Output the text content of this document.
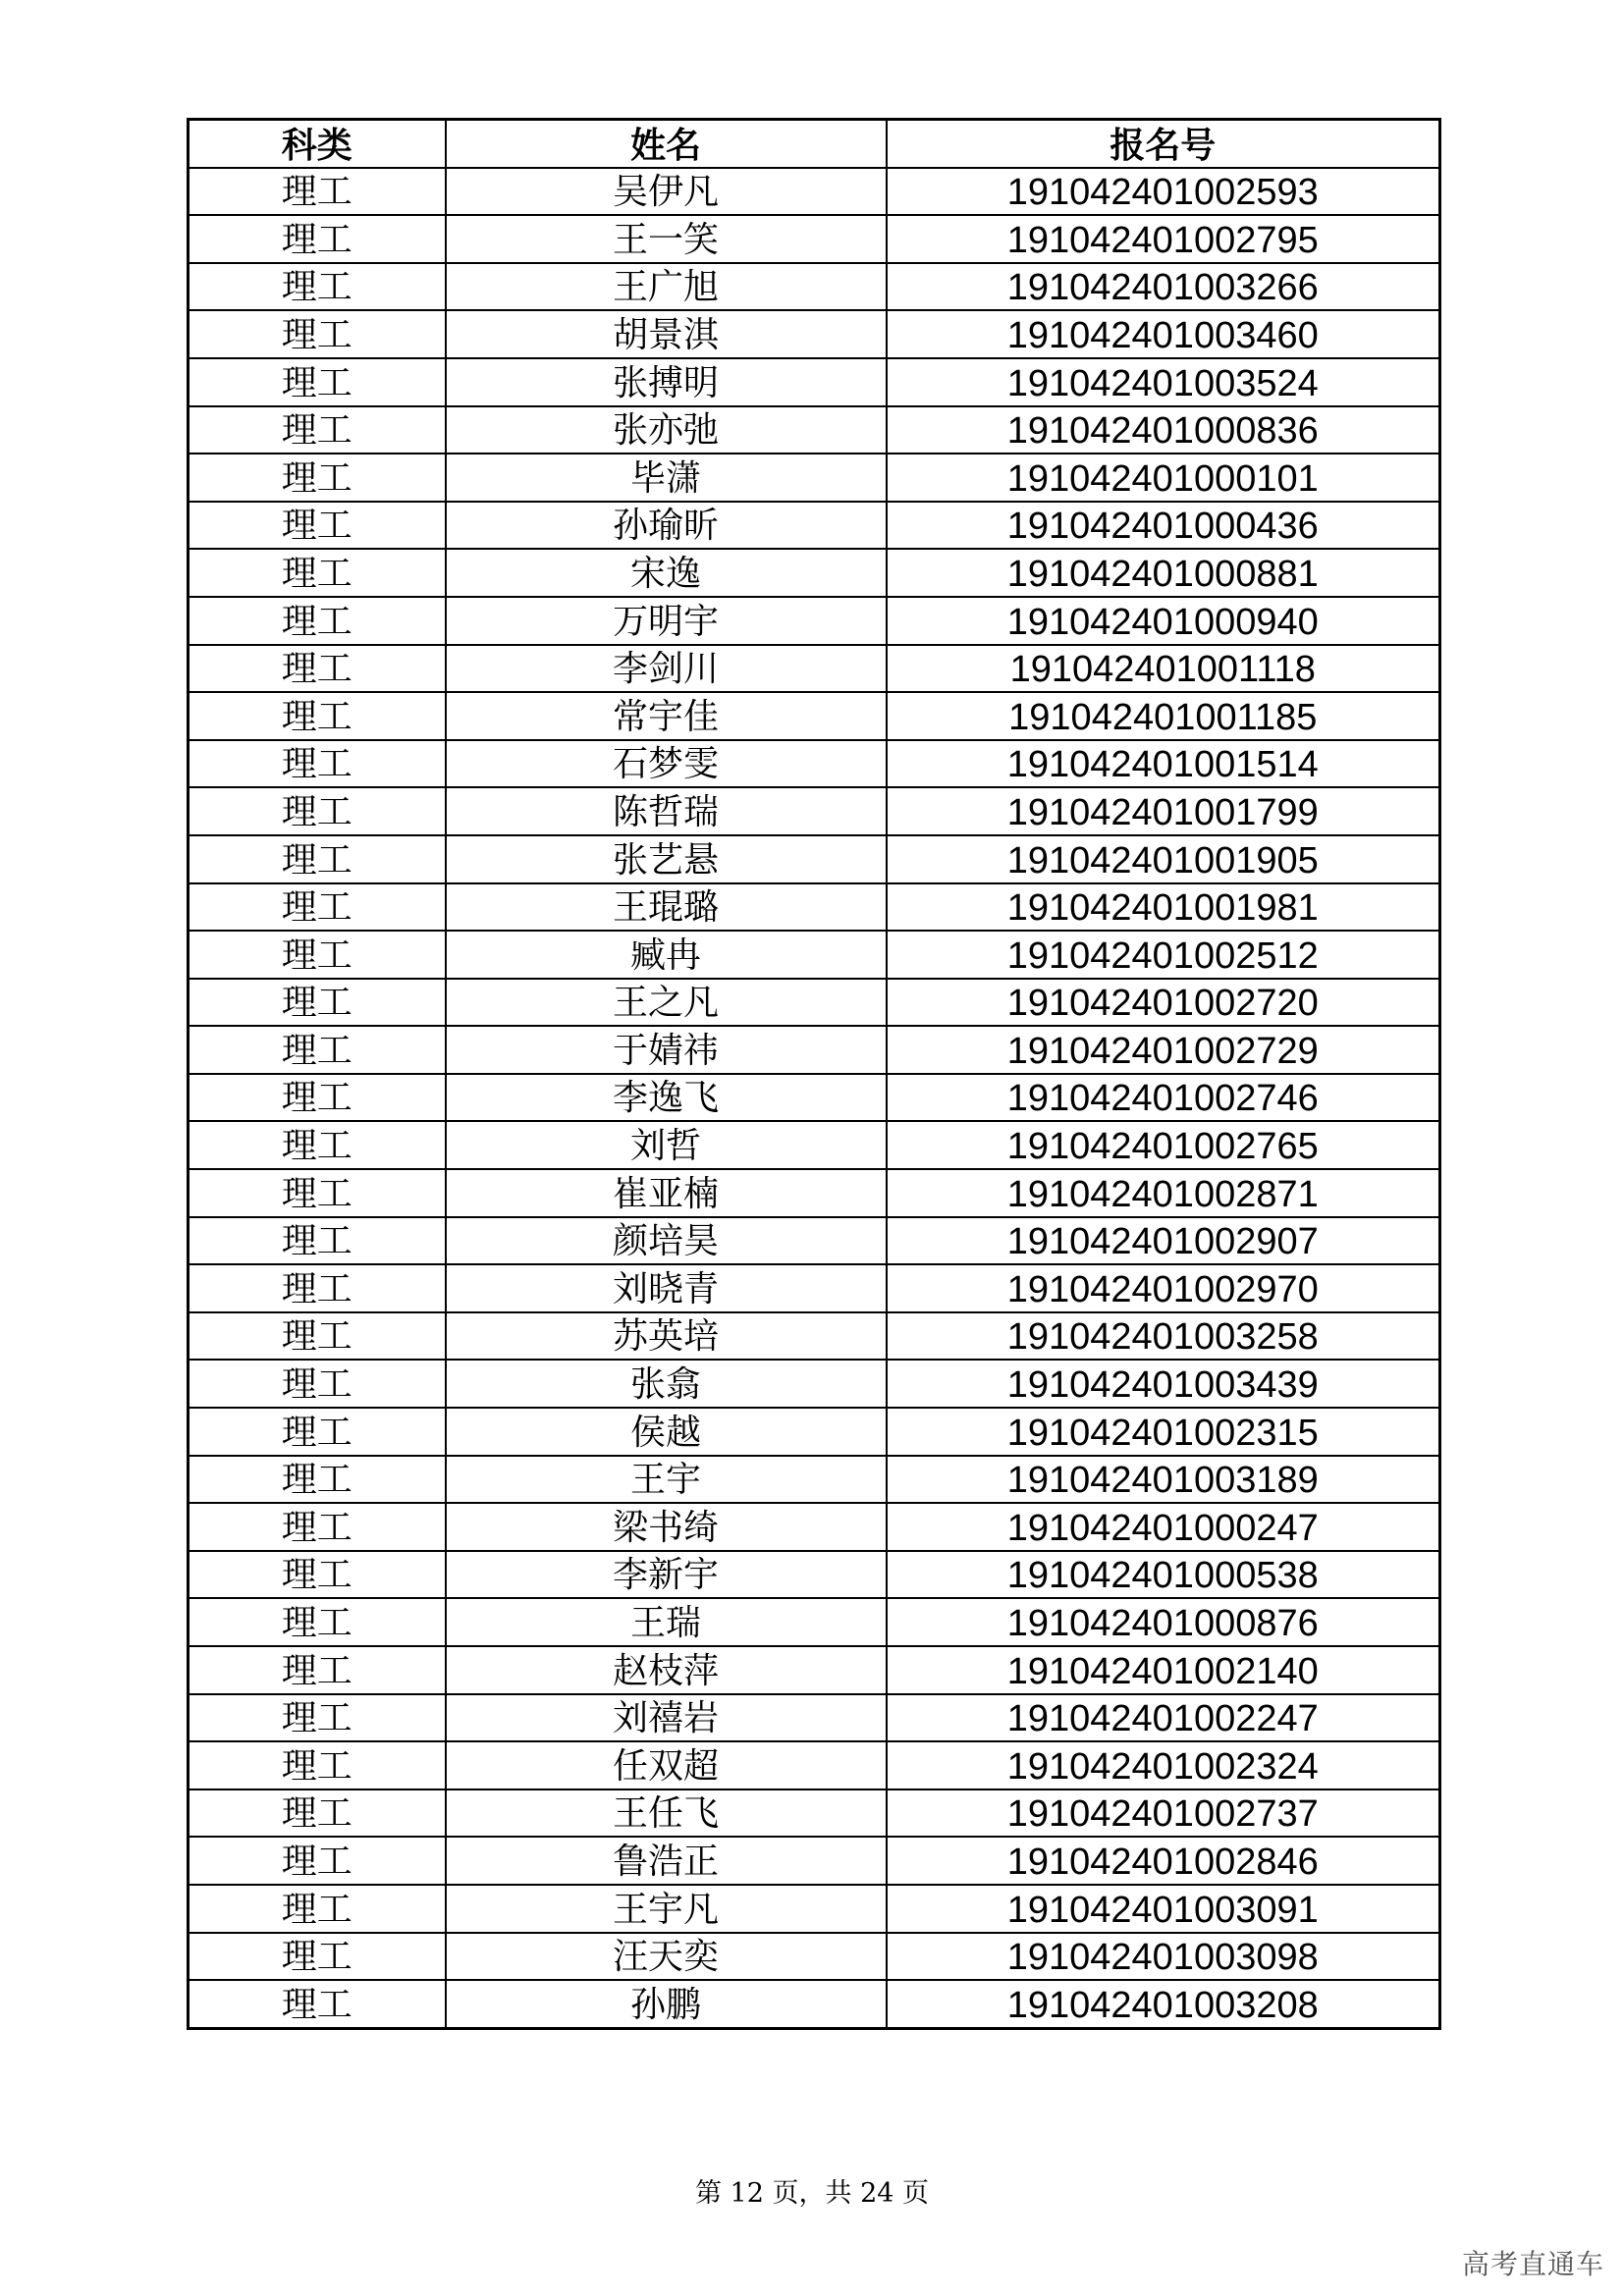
科类	姓名	报名号
理工	吴伊凡	191042401002593
理工	王一笑	191042401002795
理工	王广旭	191042401003266
理工	胡景淇	191042401003460
理工	张搏明	191042401003524
理工	张亦弛	191042401000836
理工	毕潇	191042401000101
理工	孙瑜昕	191042401000436
理工	宋逸	191042401000881
理工	万明宇	191042401000940
理工	李剑川	191042401001118
理工	常宇佳	191042401001185
理工	石梦雯	191042401001514
理工	陈哲瑞	191042401001799
理工	张艺悬	191042401001905
理工	王琨璐	191042401001981
理工	臧冉	191042401002512
理工	王之凡	191042401002720
理工	于婧祎	191042401002729
理工	李逸飞	191042401002746
理工	刘哲	191042401002765
理工	崔亚楠	191042401002871
理工	颜培昊	191042401002907
理工	刘晓青	191042401002970
理工	苏英培	191042401003258
理工	张翕	191042401003439
理工	侯越	191042401002315
理工	王宇	191042401003189
理工	梁书绮	191042401000247
理工	李新宇	191042401000538
理工	王瑞	191042401000876
理工	赵枝萍	191042401002140
理工	刘禧岩	191042401002247
理工	任双超	191042401002324
理工	王任飞	191042401002737
理工	鲁浩正	191042401002846
理工	王宇凡	191042401003091
理工	汪天奕	191042401003098
理工	孙鹏	191042401003208
第 12 页，共 24 页
高考直通车
